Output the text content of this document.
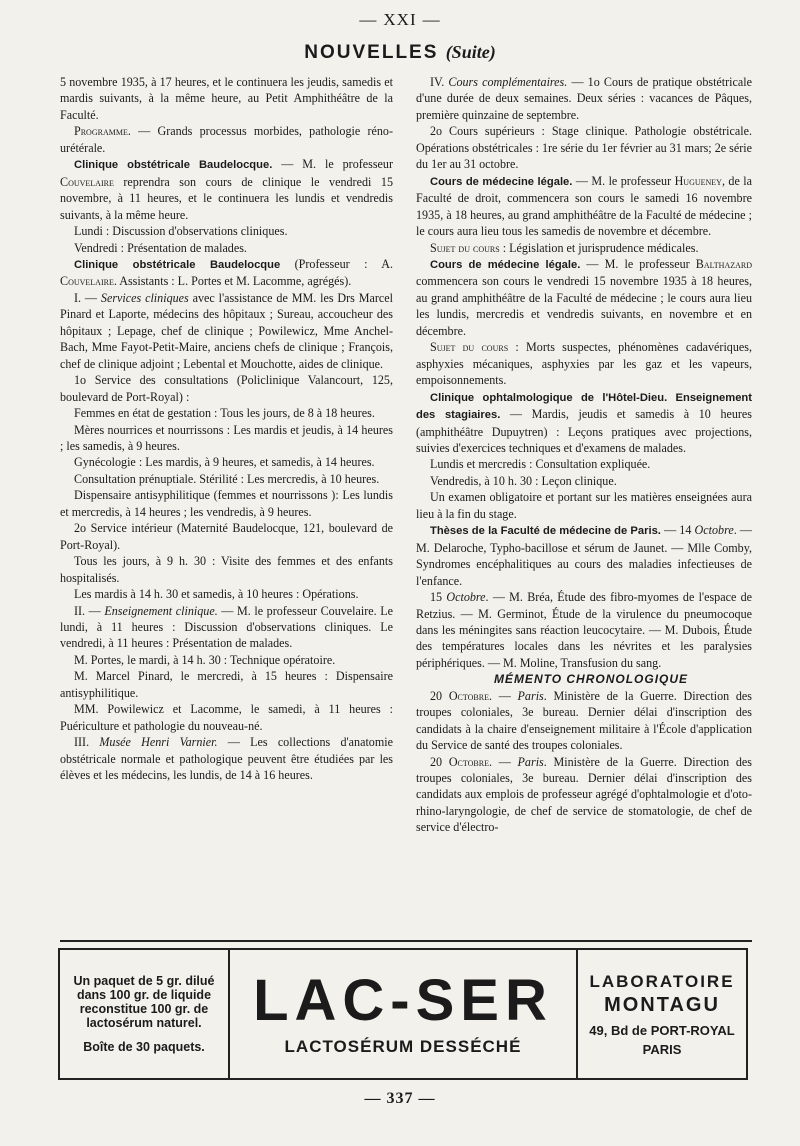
— XXI —
NOUVELLES (Suite)

5 novembre 1935, à 17 heures, et le continuera les jeudis, samedis et mardis suivants, à la même heure, au Petit Amphithéâtre de la Faculté.

Programme. — Grands processus morbides, pathologie réno-urétérale.

Clinique obstétricale Baudelocque. — M. le professeur Couvelaire reprendra son cours de clinique le vendredi 15 novembre, à 11 heures, et le continuera les lundis et vendredis suivants, à la même heure.

Lundi : Discussion d'observations cliniques.

Vendredi : Présentation de malades.

Clinique obstétricale Baudelocque (Professeur : A. Couvelaire. Assistants : L. Portes et M. Lacomme, agrégés).

I. — Services cliniques avec l'assistance de MM. les Drs Marcel Pinard et Laporte, médecins des hôpitaux ; Sureau, accoucheur des hôpitaux ; Lepage, chef de clinique ; Powilewicz, Mme Anchel-Bach, Mme Fayot-Petit-Maire, anciens chefs de clinique ; François, chef de clinique adjoint ; Lebental et Mouchotte, aides de clinique.

1o Service des consultations (Policlinique Valancourt, 125, boulevard de Port-Royal) :

Femmes en état de gestation : Tous les jours, de 8 à 18 heures.

Mères nourrices et nourrissons : Les mardis et jeudis, à 14 heures ; les samedis, à 9 heures.

Gynécologie : Les mardis, à 9 heures, et samedis, à 14 heures.

Consultation prénuptiale. Stérilité : Les mercredis, à 10 heures.

Dispensaire antisyphilitique (femmes et nourrissons ): Les lundis et mercredis, à 14 heures ; les vendredis, à 9 heures.

2o Service intérieur (Maternité Baudelocque, 121, boulevard de Port-Royal).

Tous les jours, à 9 h. 30 : Visite des femmes et des enfants hospitalisés.

Les mardis à 14 h. 30 et samedis, à 10 heures : Opérations.

II. — Enseignement clinique. — M. le professeur Couvelaire. Le lundi, à 11 heures : Discussion d'observations cliniques. Le vendredi, à 11 heures : Présentation de malades.

M. Portes, le mardi, à 14 h. 30 : Technique opératoire.

M. Marcel Pinard, le mercredi, à 15 heures : Dispensaire antisyphilitique.

MM. Powilewicz et Lacomme, le samedi, à 11 heures : Puériculture et pathologie du nouveau-né.

III. Musée Henri Varnier. — Les collections d'anatomie obstétricale normale et pathologique peuvent être étudiées par les élèves et les médecins, les lundis, de 14 à 16 heures.

IV. Cours complémentaires. — 1o Cours de pratique obstétricale d'une durée de deux semaines. Deux séries : vacances de Pâques, première quinzaine de septembre.

2o Cours supérieurs : Stage clinique. Pathologie obstétricale. Opérations obstétricales : 1re série du 1er février au 31 mars; 2e série du 1er au 31 octobre.

Cours de médecine légale. — M. le professeur Hugueney, de la Faculté de droit, commencera son cours le samedi 16 novembre 1935, à 18 heures, au grand amphithéâtre de la Faculté de médecine ; le cours aura lieu tous les samedis de novembre et décembre.

Sujet du cours : Législation et jurisprudence médicales.

Cours de médecine légale. — M. le professeur Balthazard commencera son cours le vendredi 15 novembre 1935 à 18 heures, au grand amphithéâtre de la Faculté de médecine ; le cours aura lieu les lundis, mercredis et vendredis suivants, en novembre et en décembre.

Sujet du cours : Morts suspectes, phénomènes cadavériques, asphyxies mécaniques, asphyxies par les gaz et les vapeurs, empoisonnements.

Clinique ophtalmologique de l'Hôtel-Dieu. Enseignement des stagiaires. — Mardis, jeudis et samedis à 10 heures (amphithéâtre Dupuytren) : Leçons pratiques avec projections, suivies d'exercices techniques et d'examens de malades.

Lundis et mercredis : Consultation expliquée.

Vendredis, à 10 h. 30 : Leçon clinique.

Un examen obligatoire et portant sur les matières enseignées aura lieu à la fin du stage.

Thèses de la Faculté de médecine de Paris. — 14 Octobre. — M. Delaroche, Typho-bacillose et sérum de Jaunet. — Mlle Comby, Syndromes encéphalitiques au cours des maladies infectieuses de l'enfance.

15 Octobre. — M. Bréa, Étude des fibro-myomes de l'espace de Retzius. — M. Germinot, Étude de la virulence du pneumocoque dans les méningites sans réaction leucocytaire. — M. Dubois, Étude des températures locales dans les névrites et les paralysies périphériques. — M. Moline, Transfusion du sang.

MÉMENTO CHRONOLOGIQUE

20 Octobre. — Paris. Ministère de la Guerre. Direction des troupes coloniales, 3e bureau. Dernier délai d'inscription des candidats à la chaire d'enseignement militaire à l'École d'application du Service de santé des troupes coloniales.

20 Octobre. — Paris. Ministère de la Guerre. Direction des troupes coloniales, 3e bureau. Dernier délai d'inscription des candidats aux emplois de professeur agrégé d'ophtalmologie et d'oto-rhino-laryngologie, de chef de service de stomatologie, de chef de service d'électro-

Un paquet de 5 gr. dilué dans 100 gr. de liquide reconstitue 100 gr. de lactosérum naturel.
Boîte de 30 paquets.
LAC-SER
LACTOSÉRUM DESSÉCHÉ
LABORATOIRE
MONTAGU
49, Bd de PORT-ROYAL
PARIS
— 337 —
